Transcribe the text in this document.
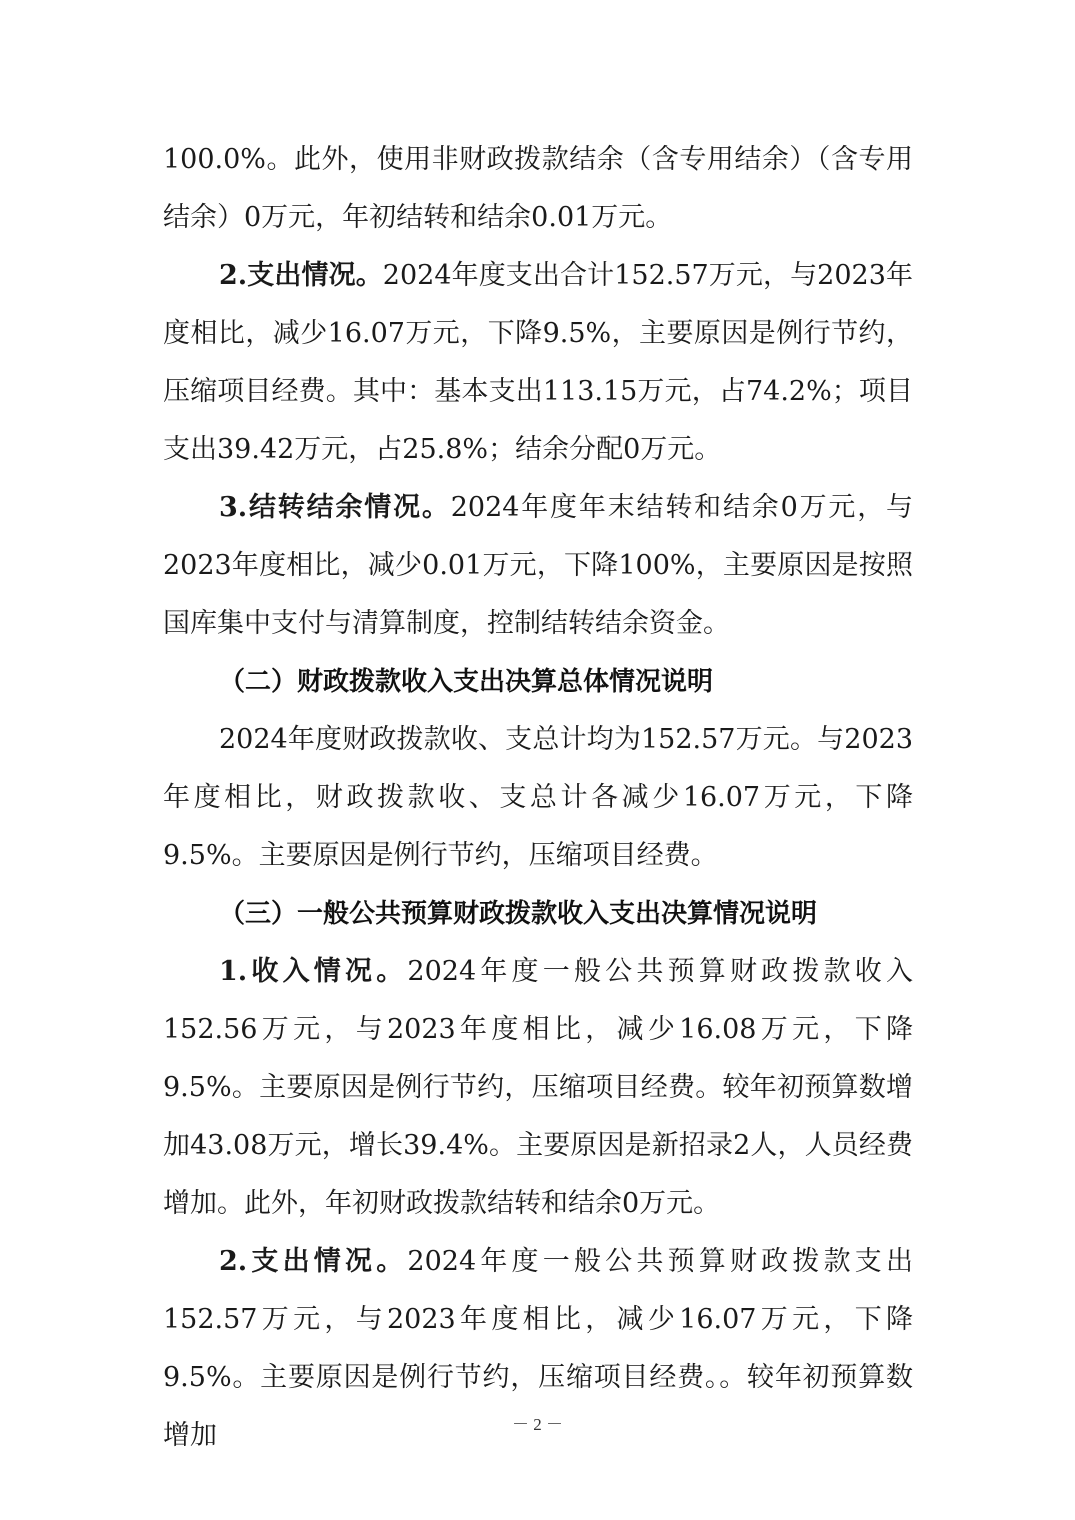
100.0%。此外，使用非财政拨款结余（含专用结余）（含专用结余）0万元，年初结转和结余0.01万元。

2.支出情况。2024年度支出合计152.57万元，与2023年度相比，减少16.07万元，下降9.5%，主要原因是例行节约，压缩项目经费。其中：基本支出113.15万元，占74.2%；项目支出39.42万元，占25.8%；结余分配0万元。

3.结转结余情况。2024年度年末结转和结余0万元，与2023年度相比，减少0.01万元，下降100%，主要原因是按照国库集中支付与清算制度，控制结转结余资金。

（二）财政拨款收入支出决算总体情况说明

2024年度财政拨款收、支总计均为152.57万元。与2023年度相比，财政拨款收、支总计各减少16.07万元，下降9.5%。主要原因是例行节约，压缩项目经费。

（三）一般公共预算财政拨款收入支出决算情况说明

1.收入情况。2024年度一般公共预算财政拨款收入152.56万元，与2023年度相比，减少16.08万元，下降9.5%。主要原因是例行节约，压缩项目经费。较年初预算数增加43.08万元，增长39.4%。主要原因是新招录2人，人员经费增加。此外，年初财政拨款结转和结余0万元。

2.支出情况。2024年度一般公共预算财政拨款支出152.57万元，与2023年度相比，减少16.07万元，下降9.5%。主要原因是例行节约，压缩项目经费。。较年初预算数增加	－ 2 －
